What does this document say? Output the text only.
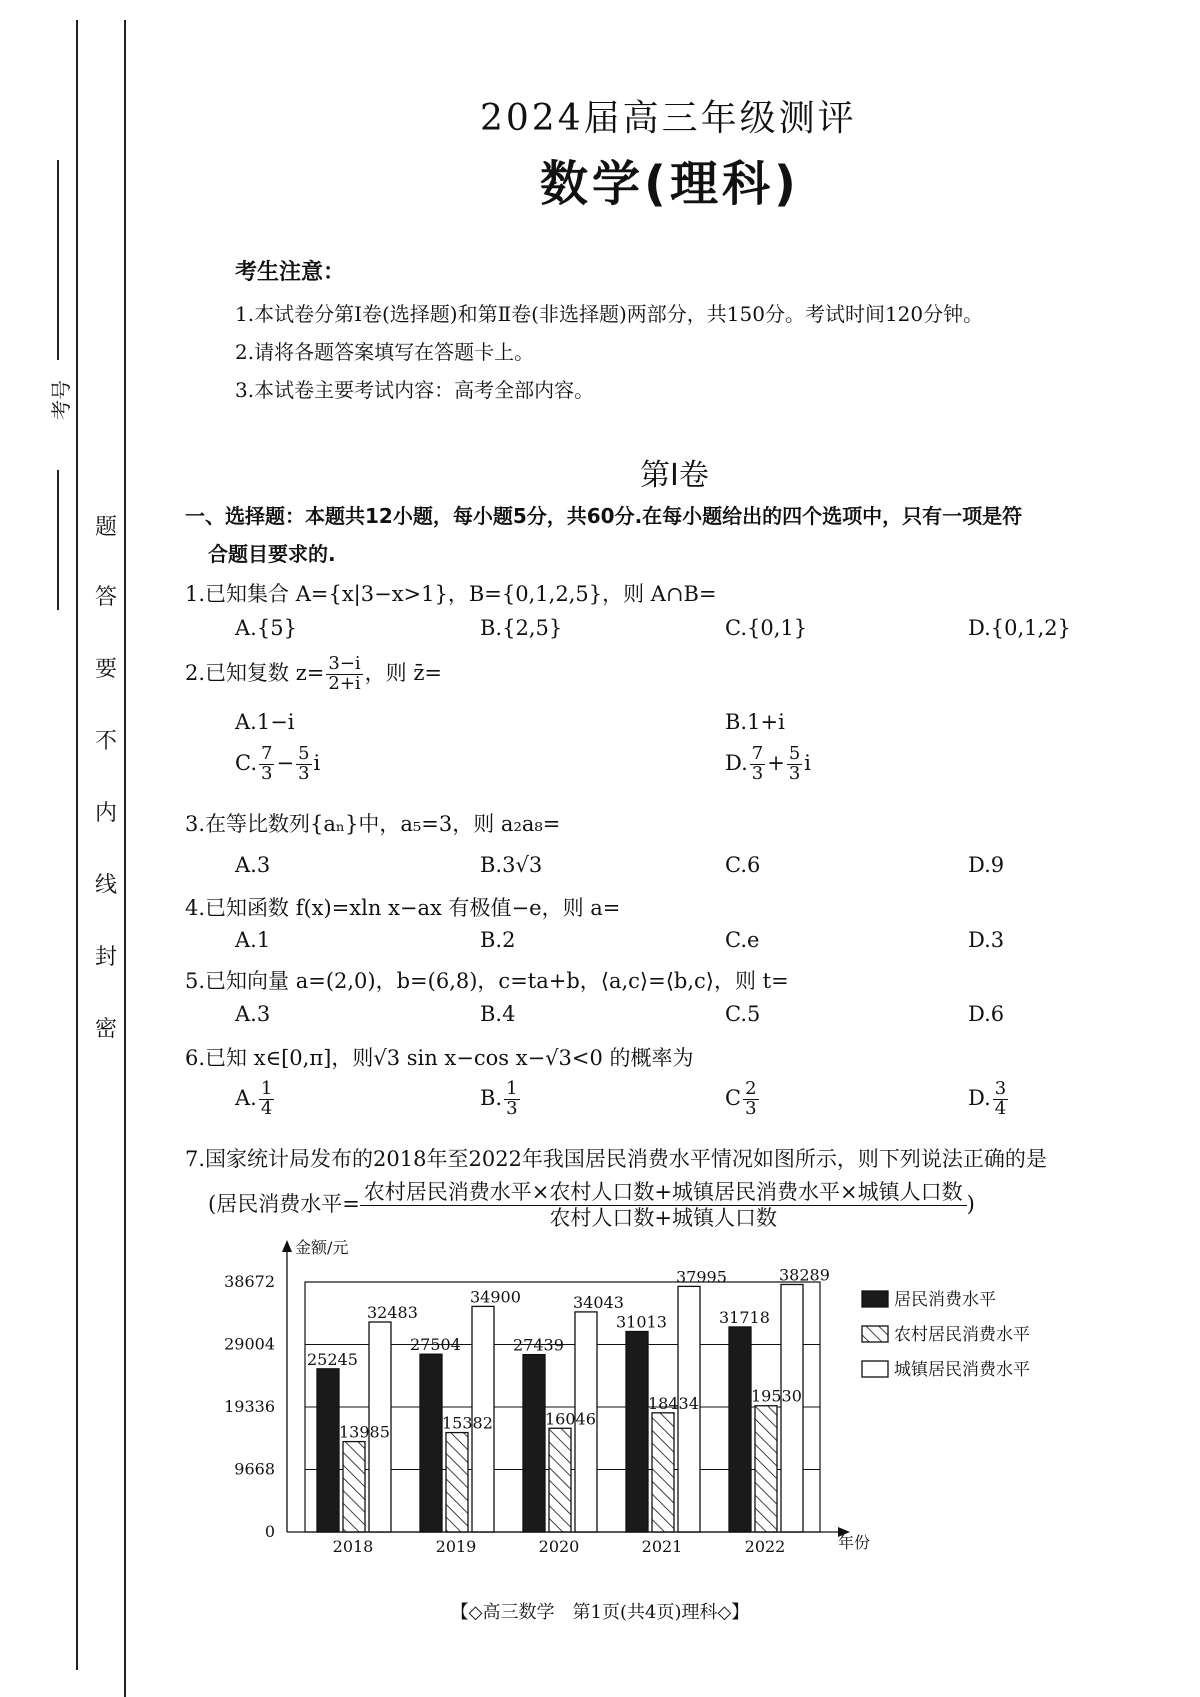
考号
题
答
要
不
内
线
封
密
2024届高三年级测评
数学(理科)
考生注意：
1.本试卷分第Ⅰ卷(选择题)和第Ⅱ卷(非选择题)两部分，共150分。考试时间120分钟。
2.请将各题答案填写在答题卡上。
3.本试卷主要考试内容：高考全部内容。
第Ⅰ卷
一、选择题：本题共12小题，每小题5分，共60分.在每小题给出的四个选项中，只有一项是符
合题目要求的.
1.已知集合 A={x|3−x>1}，B={0,1,2,5}，则 A∩B=
A.{5}	B.{2,5}	C.{0,1}	D.{0,1,2}
2.已知复数 $z= \frac{3-i}{2+i}$ ，则 z̄=
A.1−i	B.1+i
C. $\frac{7}{3} - \frac{5}{3}$ i	D. $\frac{7}{3} + \frac{5}{3}$ i
3.在等比数列{aₙ}中，a₅=3，则 a₂a₈=
A.3	B.3√3	C.6	D.9
4.已知函数 f(x)=xln x−ax 有极值−e，则 a=
A.1	B.2	C.e	D.3
5.已知向量 a=(2,0)，b=(6,8)，c=ta+b，⟨a,c⟩=⟨b,c⟩，则 t=
A.3	B.4	C.5	D.6
6.已知 x∈[0,π]，则√3 sin x−cos x−√3<0 的概率为
A. $\frac{1}{4}$	B. $\frac{1}{3}$	C $\frac{2}{3}$	D. $\frac{3}{4}$
7.国家统计局发布的2018年至2022年我国居民消费水平情况如图所示，则下列说法正确的是
(居民消费水平=
农村居民消费水平×农村人口数+城镇居民消费水平×城镇人口数
农村人口数+城镇人口数
)
25245
13985
32483
27504
15382
34900
27439
16046
34043
31013
18434
37995
31718
19530
38289
0
9668
19336
29004
38672
金额/元
年份
2018	2019	2020	2021	2022
居民消费水平
农村居民消费水平
城镇居民消费水平
【◇高三数学　第1页(共4页)理科◇】
